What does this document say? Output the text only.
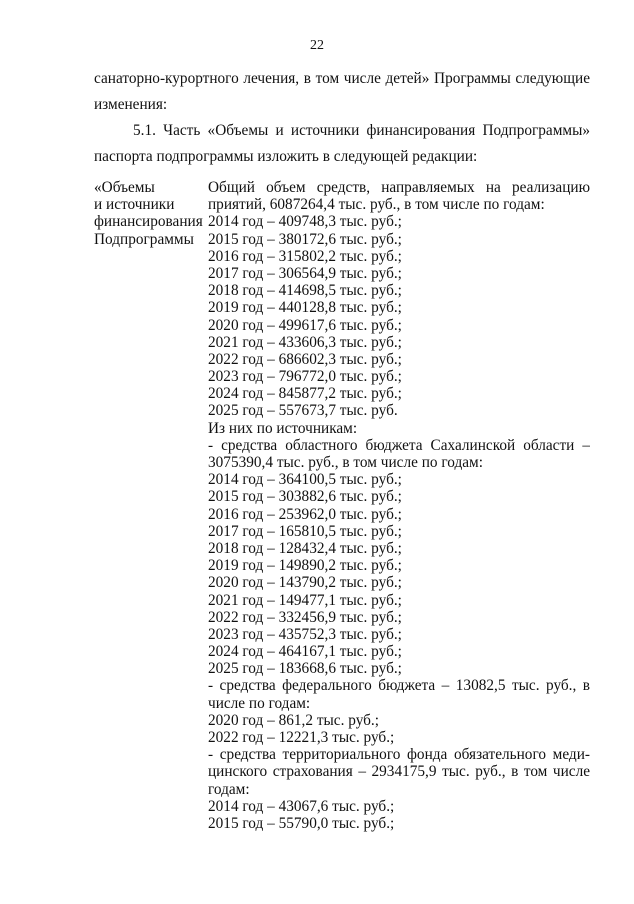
22
санаторно-курортного лечения, в том числе детей» Программы следующие
изменения:
5.1. Часть «Объемы и источники финансирования Подпрограммы»
паспорта подпрограммы изложить в следующей редакции:
«Объемы
и источники
финансирования
Подпрограммы
Общий объем средств, направляемых на реализацию
приятий, 6087264,4 тыс. руб., в том числе по годам:
2014 год – 409748,3 тыс. руб.;
2015 год – 380172,6 тыс. руб.;
2016 год – 315802,2 тыс. руб.;
2017 год – 306564,9 тыс. руб.;
2018 год – 414698,5 тыс. руб.;
2019 год – 440128,8 тыс. руб.;
2020 год – 499617,6 тыс. руб.;
2021 год – 433606,3 тыс. руб.;
2022 год – 686602,3 тыс. руб.;
2023 год – 796772,0 тыс. руб.;
2024 год – 845877,2 тыс. руб.;
2025 год – 557673,7 тыс. руб.
Из них по источникам:
- средства областного бюджета Сахалинской области –
3075390,4 тыс. руб., в том числе по годам:
2014 год – 364100,5 тыс. руб.;
2015 год – 303882,6 тыс. руб.;
2016 год – 253962,0 тыс. руб.;
2017 год – 165810,5 тыс. руб.;
2018 год – 128432,4 тыс. руб.;
2019 год – 149890,2 тыс. руб.;
2020 год – 143790,2 тыс. руб.;
2021 год – 149477,1 тыс. руб.;
2022 год – 332456,9 тыс. руб.;
2023 год – 435752,3 тыс. руб.;
2024 год – 464167,1 тыс. руб.;
2025 год – 183668,6 тыс. руб.;
- средства федерального бюджета – 13082,5 тыс. руб., в
числе по годам:
2020 год – 861,2 тыс. руб.;
2022 год – 12221,3 тыс. руб.;
- средства территориального фонда обязательного меди-
цинского страхования – 2934175,9 тыс. руб., в том числе
годам:
2014 год – 43067,6 тыс. руб.;
2015 год – 55790,0 тыс. руб.;
